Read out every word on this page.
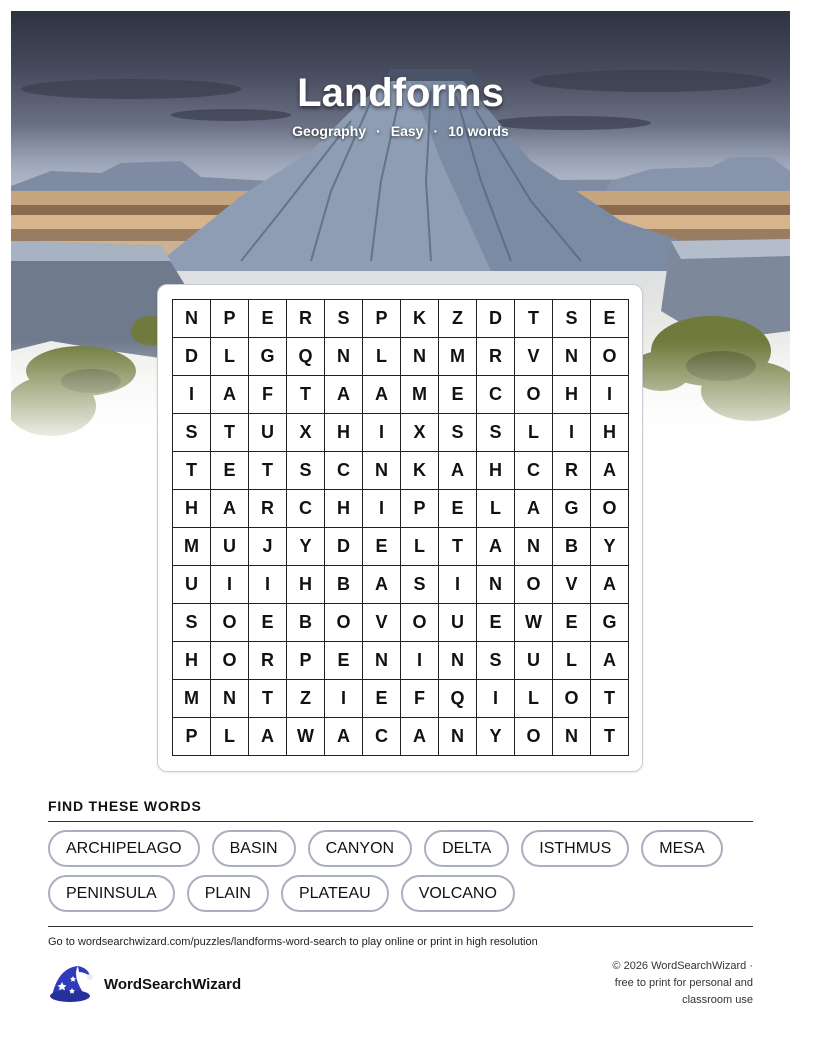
Landforms
Geography · Easy · 10 words
N	P	E	R	S	P	K	Z	D	T	S	E
D	L	G	Q	N	L	N	M	R	V	N	O
I	A	F	T	A	A	M	E	C	O	H	I
S	T	U	X	H	I	X	S	S	L	I	H
T	E	T	S	C	N	K	A	H	C	R	A
H	A	R	C	H	I	P	E	L	A	G	O
M	U	J	Y	D	E	L	T	A	N	B	Y
U	I	I	H	B	A	S	I	N	O	V	A
S	O	E	B	O	V	O	U	E	W	E	G
H	O	R	P	E	N	I	N	S	U	L	A
M	N	T	Z	I	E	F	Q	I	L	O	T
P	L	A	W	A	C	A	N	Y	O	N	T
FIND THESE WORDS
ARCHIPELAGO	BASIN	CANYON	DELTA	ISTHMUS	MESA
PENINSULA	PLAIN	PLATEAU	VOLCANO
Go to wordsearchwizard.com/puzzles/landforms-word-search to play online or print in high resolution
WordSearchWizard
© 2026 WordSearchWizard ·
free to print for personal and
classroom use
